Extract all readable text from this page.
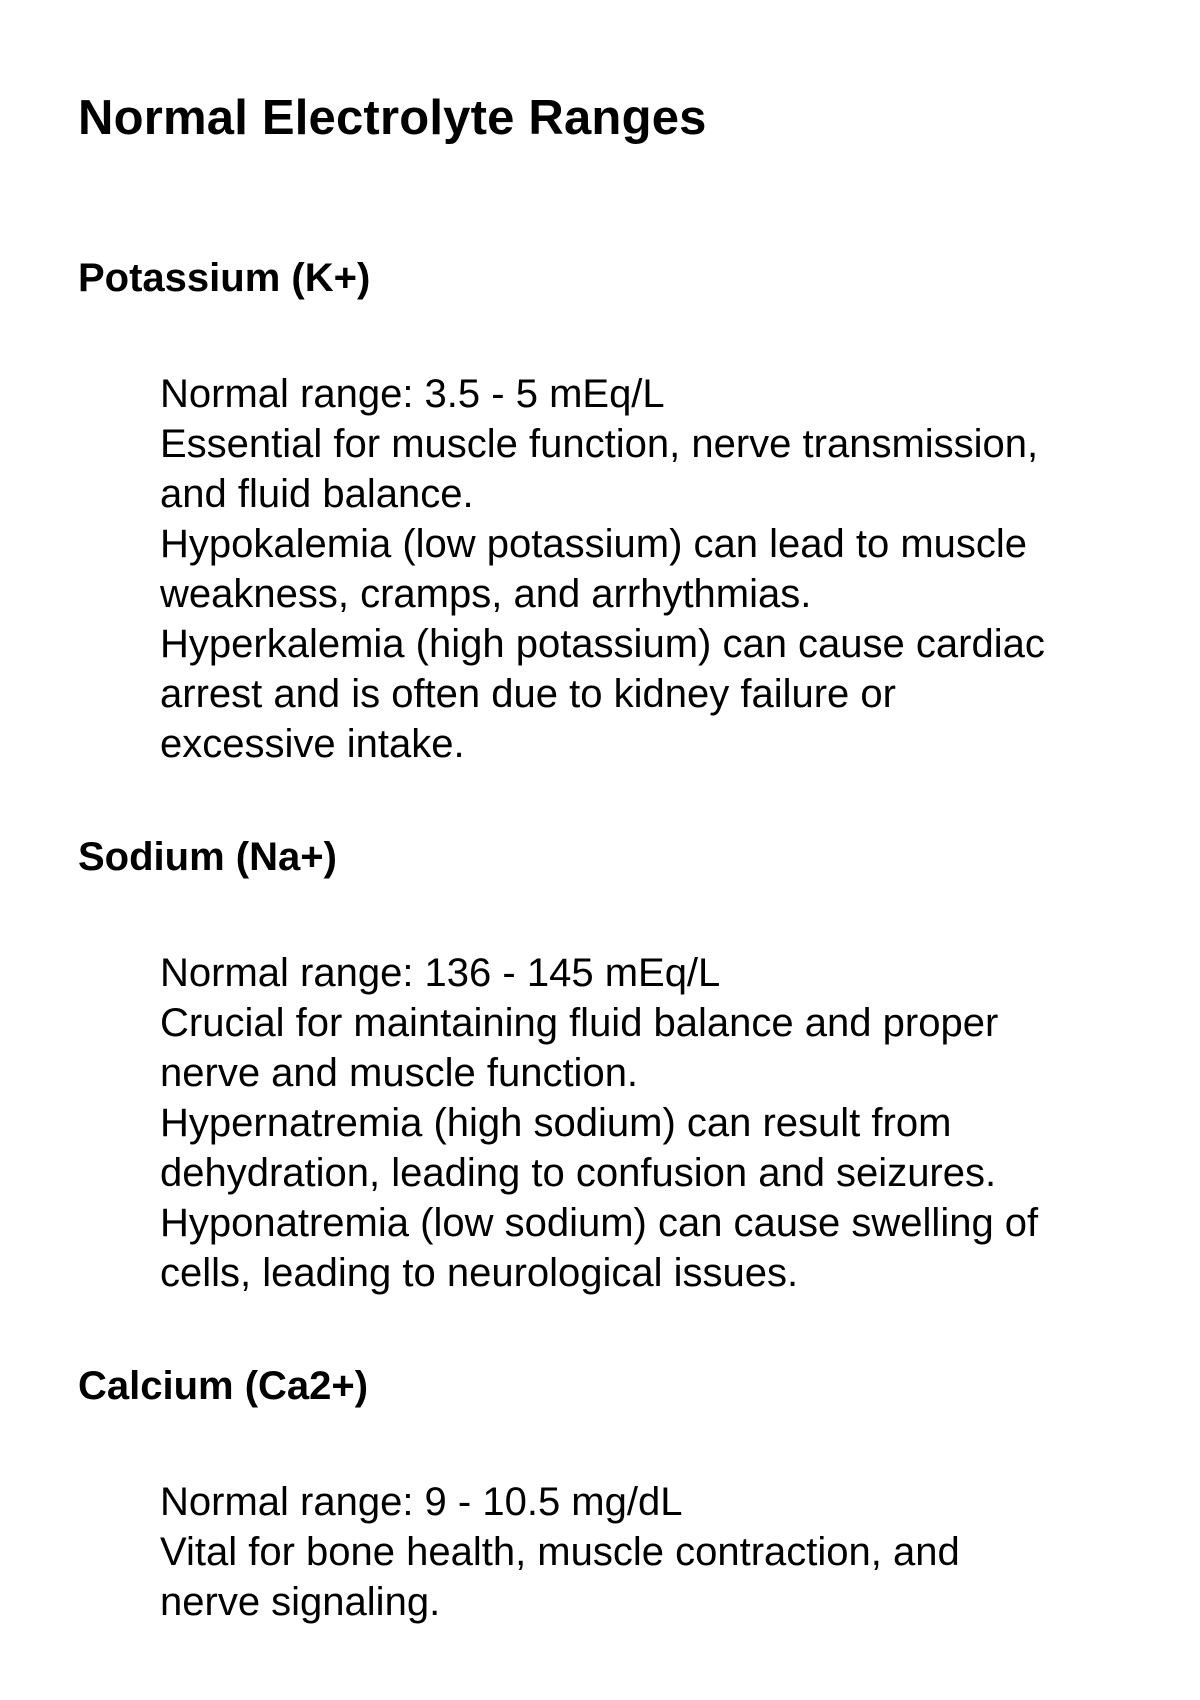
Normal Electrolyte Ranges
Potassium (K+)
Normal range: 3.5 - 5 mEq/L
Essential for muscle function, nerve transmission,
and fluid balance.
Hypokalemia (low potassium) can lead to muscle
weakness, cramps, and arrhythmias.
Hyperkalemia (high potassium) can cause cardiac
arrest and is often due to kidney failure or
excessive intake.
Sodium (Na+)
Normal range: 136 - 145 mEq/L
Crucial for maintaining fluid balance and proper
nerve and muscle function.
Hypernatremia (high sodium) can result from
dehydration, leading to confusion and seizures.
Hyponatremia (low sodium) can cause swelling of
cells, leading to neurological issues.
Calcium (Ca2+)
Normal range: 9 - 10.5 mg/dL
Vital for bone health, muscle contraction, and
nerve signaling.
